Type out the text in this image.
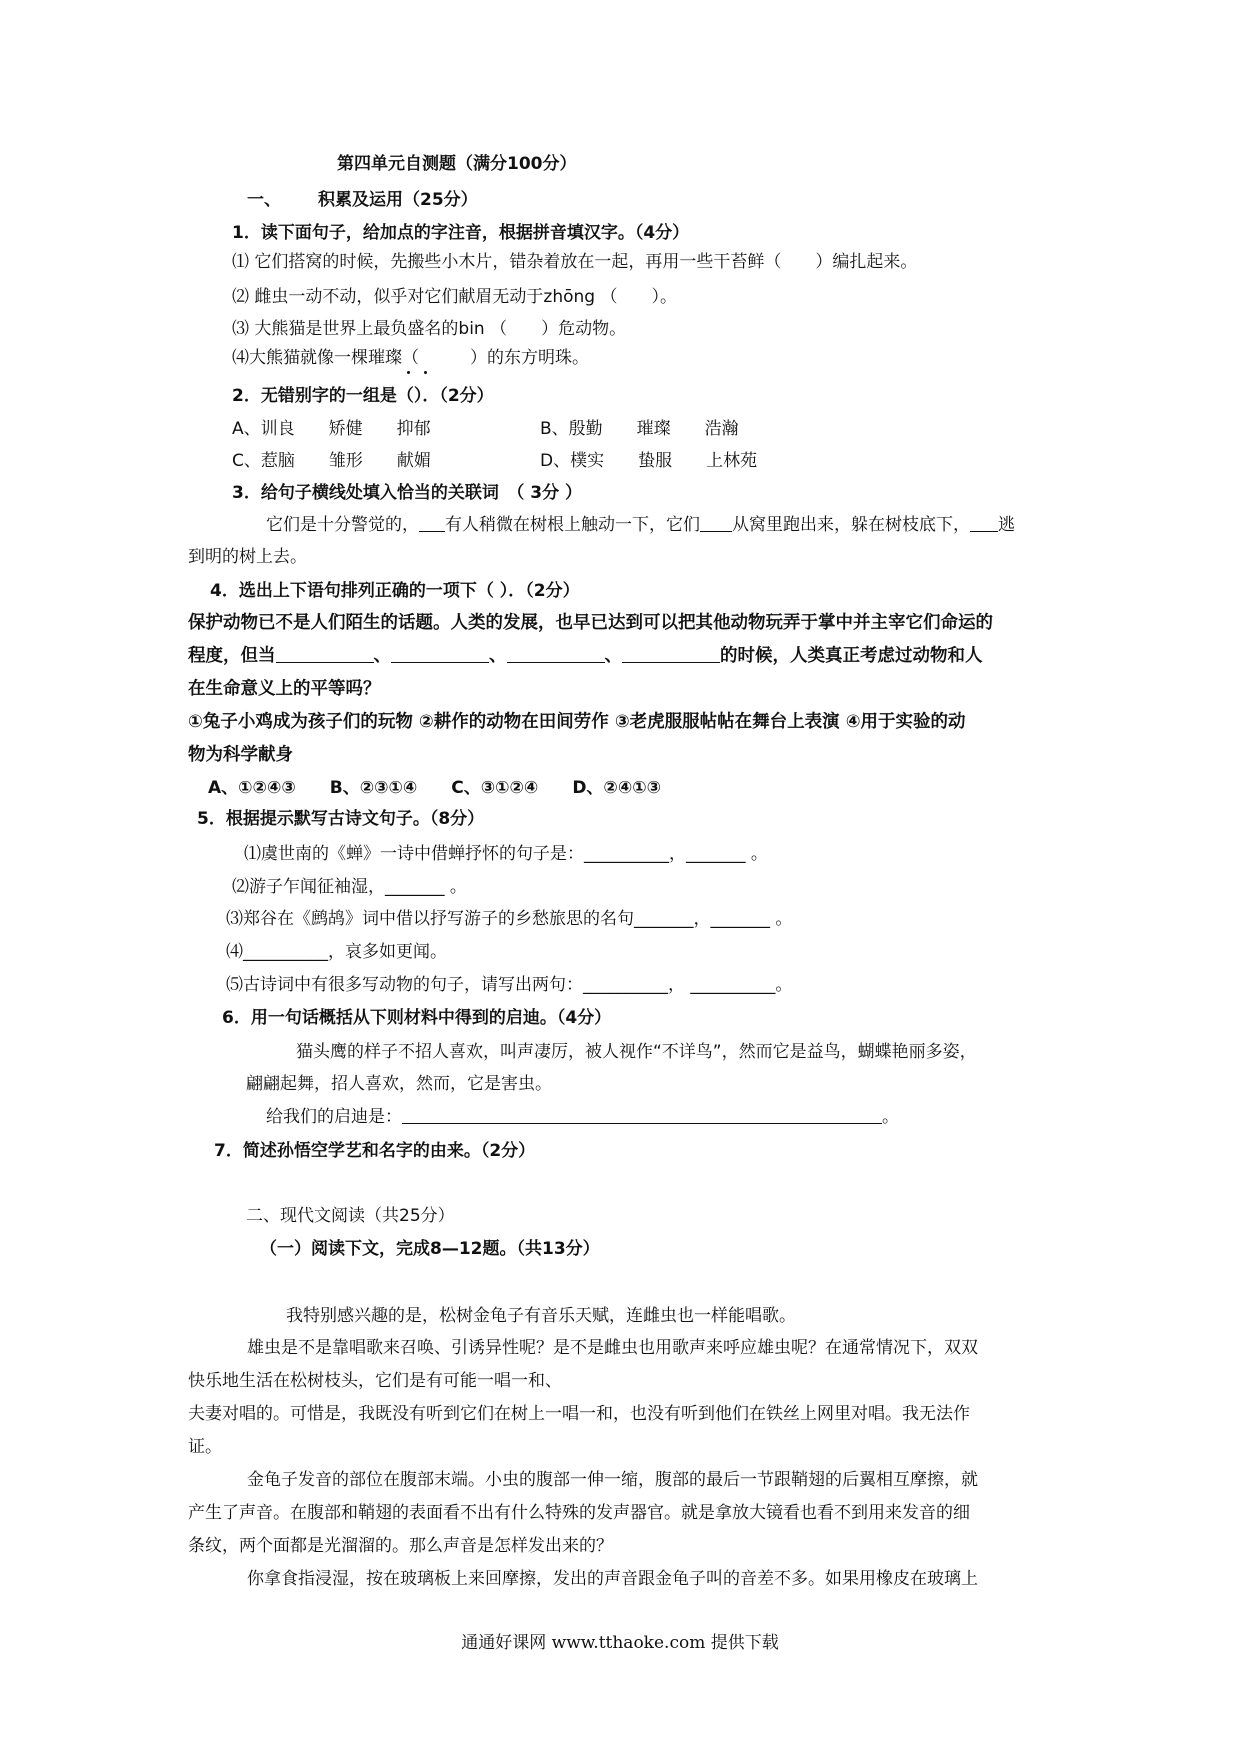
第四单元自测题（满分100分）
一、 积累及运用（25分）
1．读下面句子，给加点的字注音，根据拼音填汉字。（4分）
⑴ 它们搭窝的时候，先搬些小木片，错杂着放在一起，再用一些干苔鲜（　　）编扎起来。
⑵ 雌虫一动不动，似乎对它们献眉无动于zhōng （　　）。
⑶ 大熊猫是世界上最负盛名的bin （　　）危动物。
⑷大熊猫就像一棵璀璨（　　　）的东方明珠。
2．无错别字的一组是（）．（2分）
A、训良　　矫健　　抑郁	B、殷勤　　璀璨　　浩瀚
C、惹脑　　雏形　　献媚	D、樸实　　蛰服　　上林苑
3．给句子横线处填入恰当的关联词　（ 3分 ）
它们是十分警觉的， 有人稍微在树根上触动一下，它们 从窝里跑出来，躲在树枝底下， 逃
到明的树上去。
4．选出上下语句排列正确的一项下（ ）．（2分）
保护动物已不是人们陌生的话题。人类的发展，也早已达到可以把其他动物玩弄于掌中并主宰它们命运的
程度，但当	、	、	、	的时候，人类真正考虑过动物和人
在生命意义上的平等吗？
①兔子小鸡成为孩子们的玩物 ②耕作的动物在田间劳作 ③老虎服服帖帖在舞台上表演 ④用于实验的动
物为科学献身
A、①②④③　　B、②③①④　　C、③①②④　　D、②④①③
5．根据提示默写古诗文句子。（8分）
⑴虞世南的《蝉》一诗中借蝉抒怀的句子是：__________，_______ 。
⑵游子乍闻征袖湿，_______ 。
⑶郑谷在《鹧鸪》词中借以抒写游子的乡愁旅思的名句_______，_______ 。
⑷__________，哀多如更闻。
⑸古诗词中有很多写动物的句子，请写出两句：__________， __________。
6．用一句话概括从下则材料中得到的启迪。（4分）
猫头鹰的样子不招人喜欢，叫声凄厉，被人视作“不详鸟”，然而它是益鸟，蝴蝶艳丽多姿，
翩翩起舞，招人喜欢，然而，它是害虫。
给我们的启迪是：	。
7．简述孙悟空学艺和名字的由来。（2分）
二、现代文阅读（共25分）
（一）阅读下文，完成8—12题。（共13分）
我特别感兴趣的是，松树金龟子有音乐天赋，连雌虫也一样能唱歌。
雄虫是不是靠唱歌来召唤、引诱异性呢？是不是雌虫也用歌声来呼应雄虫呢？在通常情况下，双双
快乐地生活在松树枝头，它们是有可能一唱一和、
夫妻对唱的。可惜是，我既没有听到它们在树上一唱一和，也没有听到他们在铁丝上网里对唱。我无法作
证。
金龟子发音的部位在腹部末端。小虫的腹部一伸一缩，腹部的最后一节跟鞘翅的后翼相互摩擦，就
产生了声音。在腹部和鞘翅的表面看不出有什么特殊的发声器官。就是拿放大镜看也看不到用来发音的细
条纹，两个面都是光溜溜的。那么声音是怎样发出来的？
你拿食指浸湿，按在玻璃板上来回摩擦，发出的声音跟金龟子叫的音差不多。如果用橡皮在玻璃上
通通好课网 www.tthaoke.com 提供下载
